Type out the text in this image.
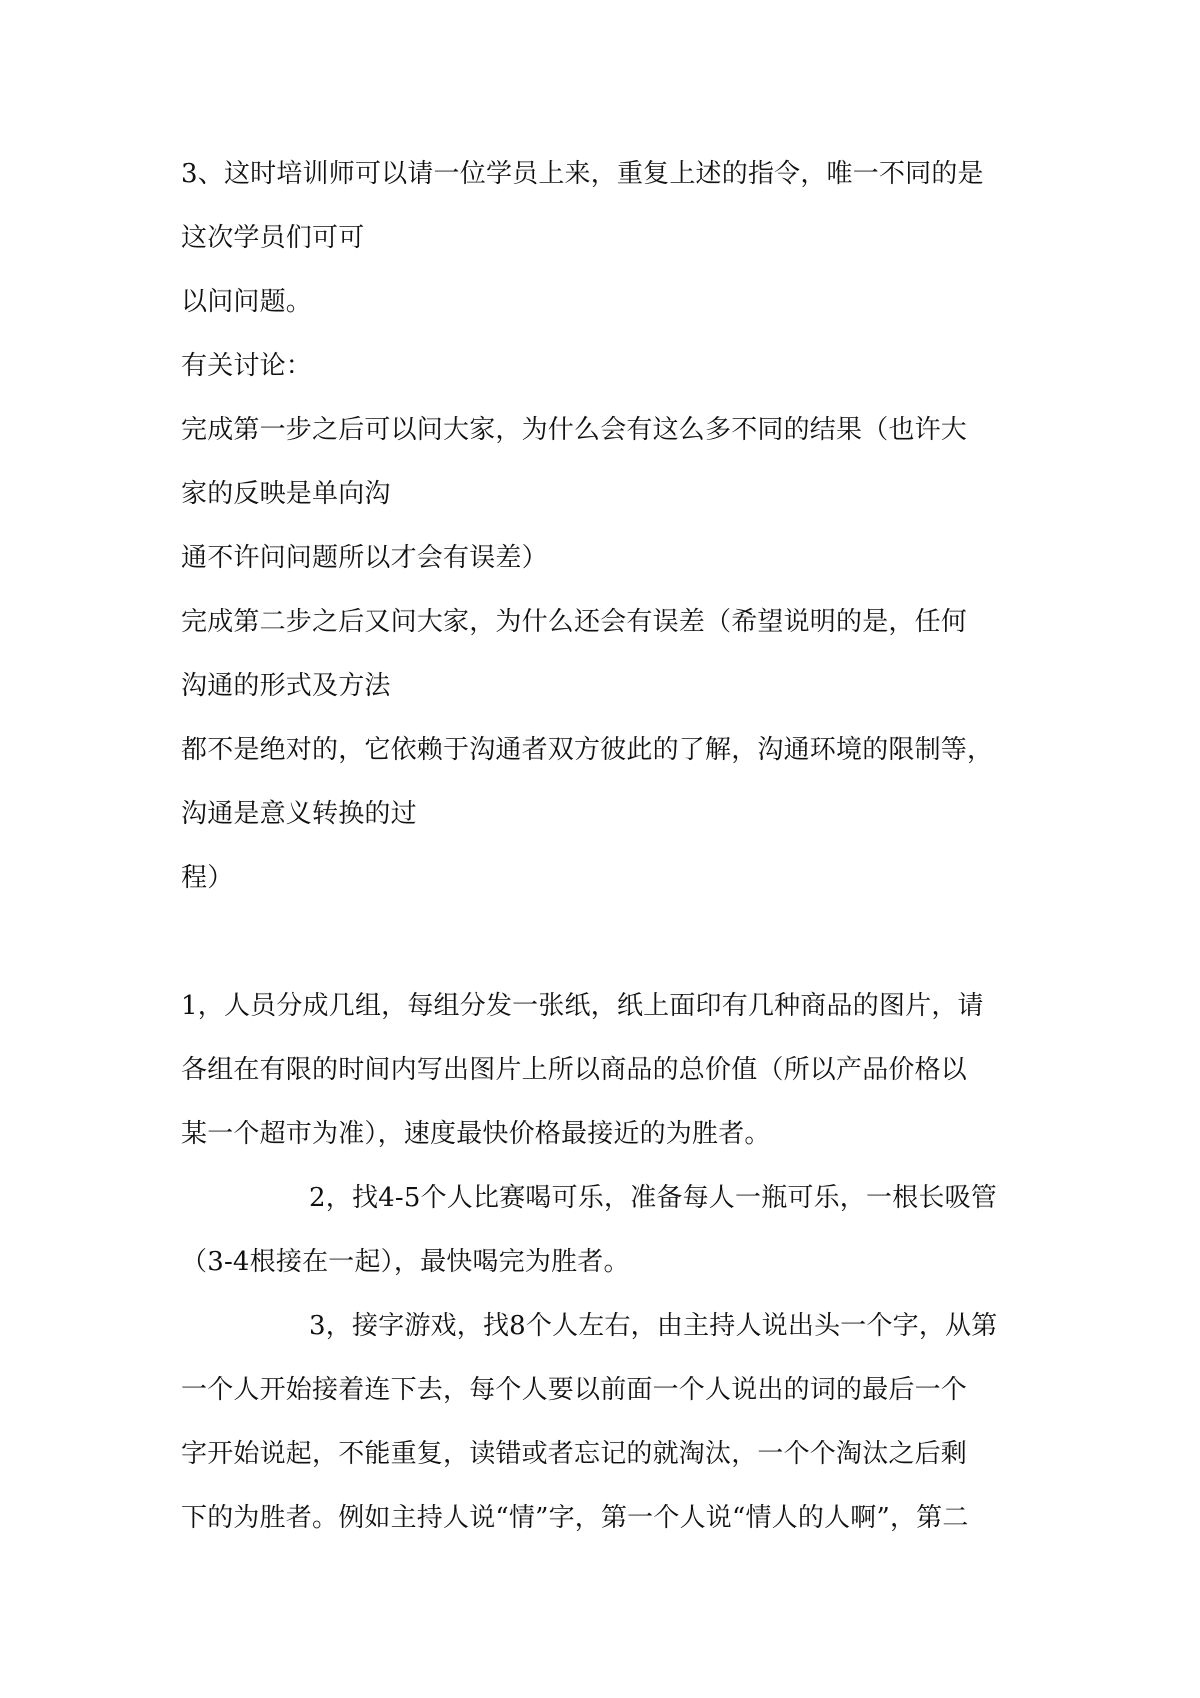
3、这时培训师可以请一位学员上来，重复上述的指令，唯一不同的是
这次学员们可可
以问问题。
有关讨论：
完成第一步之后可以问大家，为什么会有这么多不同的结果（也许大
家的反映是单向沟
通不许问问题所以才会有误差）
完成第二步之后又问大家，为什么还会有误差（希望说明的是，任何
沟通的形式及方法
都不是绝对的，它依赖于沟通者双方彼此的了解，沟通环境的限制等，
沟通是意义转换的过
程）
1，人员分成几组，每组分发一张纸，纸上面印有几种商品的图片，请
各组在有限的时间内写出图片上所以商品的总价值（所以产品价格以
某一个超市为准），速度最快价格最接近的为胜者。
2，找4-5个人比赛喝可乐，准备每人一瓶可乐，一根长吸管
（3-4根接在一起），最快喝完为胜者。
3，接字游戏，找8个人左右，由主持人说出头一个字，从第
一个人开始接着连下去，每个人要以前面一个人说出的词的最后一个
字开始说起，不能重复，读错或者忘记的就淘汰，一个个淘汰之后剩
下的为胜者。例如主持人说“情”字，第一个人说“情人的人啊”，第二
